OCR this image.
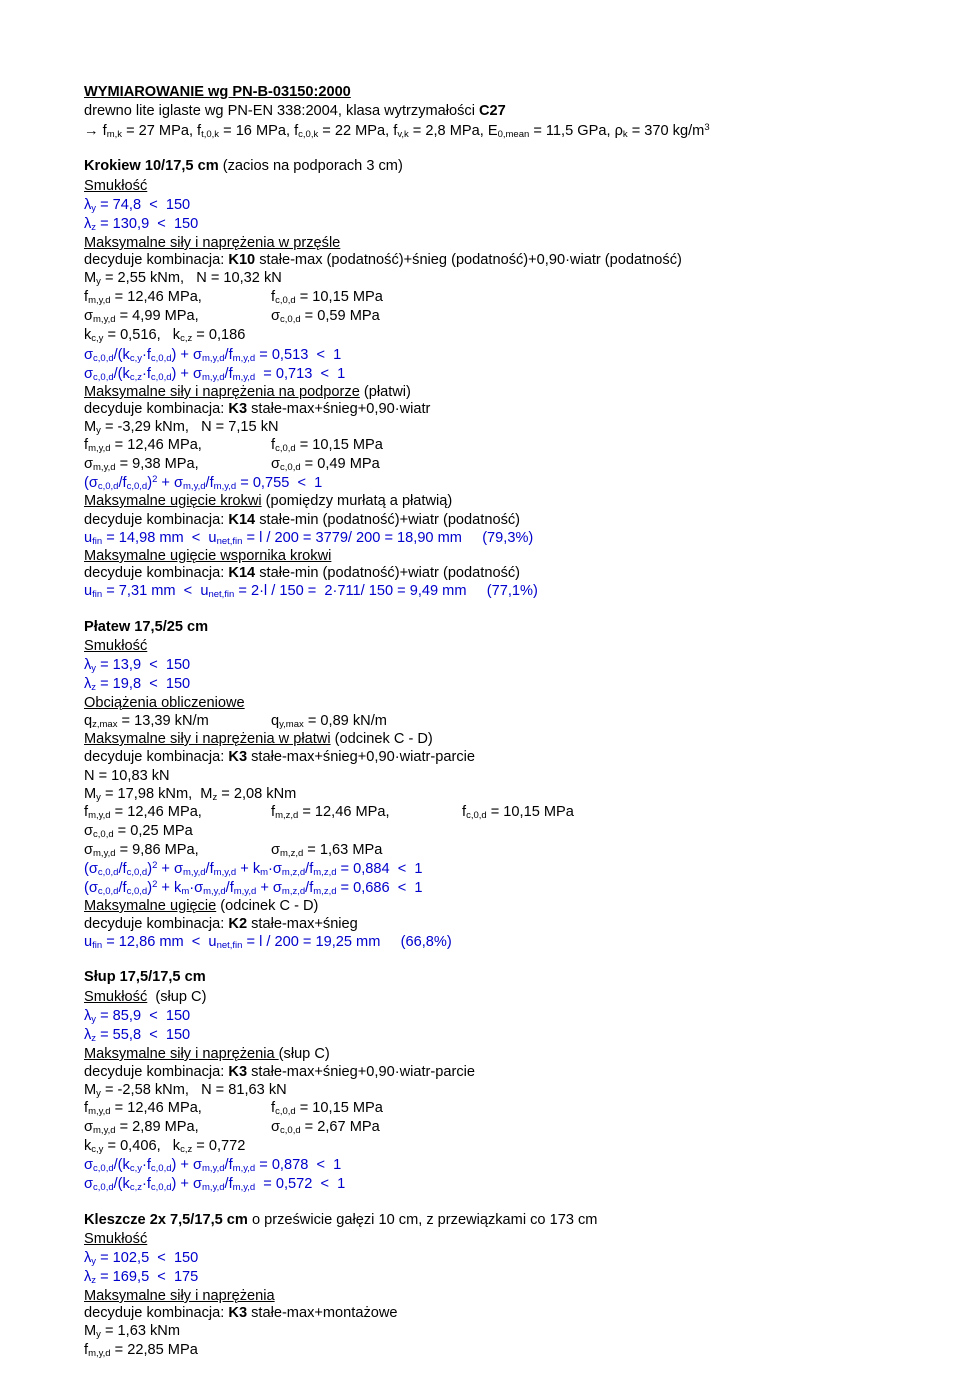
WYMIAROWANIE wg PN-B-03150:2000
drewno lite iglaste wg PN-EN 338:2004, klasa wytrzymałości C27
→ $f_{m,k} = 27$ MPa, $f_{t,0,k} = 16$ MPa, $f_{c,0,k} = 22$ MPa, $f_{v,k} = 2,8$ MPa, $E_{0,mean} = 11,5$ GPa, $\rho_k = 370$ $kg/m^3$
Krokiew 10/17,5 cm (zacios na podporach 3 cm)
Smukłość
$\lambda_y = 74,8 < 150$
$\lambda_z = 130,9 < 150$
Maksymalne siły i naprężenia w przęśle
decyduje kombinacja: K10 stałe-max (podatność)+śnieg (podatność)+0,90·wiatr (podatność)
$M_y = 2,55$ kNm,   N = 10,32 kN
$f_{m,y,d} = 12,46$ MPa,	$f_{c,0,d} = 10,15$ MPa
$\sigma_{m,y,d} = 4,99$ MPa,	$\sigma_{c,0,d} = 0,59$ MPa
$k_{c,y} = 0,516$,   $k_{c,z} = 0,186$
$\sigma_{c,0,d}/(k_{c,y}\cdot f_{c,0,d}) + \sigma_{m,y,d}/f_{m,y,d} = 0,513 < 1$
$\sigma_{c,0,d}/(k_{c,z}\cdot f_{c,0,d}) + \sigma_{m,y,d}/f_{m,y,d} = 0,713 < 1$
Maksymalne siły i naprężenia na podporze (płatwi)
decyduje kombinacja: K3 stałe-max+śnieg+0,90·wiatr
$M_y = -3,29$ kNm,   N = 7,15 kN
$f_{m,y,d} = 12,46$ MPa,	$f_{c,0,d} = 10,15$ MPa
$\sigma_{m,y,d} = 9,38$ MPa,	$\sigma_{c,0,d} = 0,49$ MPa
$(\sigma_{c,0,d}/f_{c,0,d})^2 + \sigma_{m,y,d}/f_{m,y,d} = 0,755 < 1$
Maksymalne ugięcie krokwi (pomiędzy murłatą a płatwią)
decyduje kombinacja: K14 stałe-min (podatność)+wiatr (podatność)
$u_{fin} = 14,98$ mm  <  $u_{net,fin} = l / 200 = 3779/$ 200 = 18,90 mm     (79,3%)
Maksymalne ugięcie wspornika krokwi
decyduje kombinacja: K14 stałe-min (podatność)+wiatr (podatność)
$u_{fin} = 7,31$ mm  <  $u_{net,fin} = 2\cdot l / 150 = 2\cdot 711/$ 150 = 9,49 mm     (77,1%)
Płatew 17,5/25 cm
Smukłość
$\lambda_y = 13,9 < 150$
$\lambda_z = 19,8 < 150$
Obciążenia obliczeniowe
$q_{z,max} = 13,39$ kN/m	$q_{y,max} = 0,89$ kN/m
Maksymalne siły i naprężenia w płatwi (odcinek C - D)
decyduje kombinacja: K3 stałe-max+śnieg+0,90·wiatr-parcie
N = 10,83 kN
$M_y = 17,98$ kNm,  $M_z = 2,08$ kNm
$f_{m,y,d} = 12,46$ MPa,	$f_{m,z,d} = 12,46$ MPa,	$f_{c,0,d} = 10,15$ MPa
$\sigma_{c,0,d} = 0,25$ MPa
$\sigma_{m,y,d} = 9,86$ MPa,	$\sigma_{m,z,d} = 1,63$ MPa
$(\sigma_{c,0,d}/f_{c,0,d})^2 + \sigma_{m,y,d}/f_{m,y,d} + k_m\cdot\sigma_{m,z,d}/f_{m,z,d} = 0,884 < 1$
$(\sigma_{c,0,d}/f_{c,0,d})^2 + k_m\cdot\sigma_{m,y,d}/f_{m,y,d} + \sigma_{m,z,d}/f_{m,z,d} = 0,686 < 1$
Maksymalne ugięcie (odcinek C - D)
decyduje kombinacja: K2 stałe-max+śnieg
$u_{fin} = 12,86$ mm  <  $u_{net,fin} = l / 200 = 19,25$ mm     (66,8%)
Słup 17,5/17,5 cm
Smukłość  (słup C)
$\lambda_y = 85,9 < 150$
$\lambda_z = 55,8 < 150$
Maksymalne siły i naprężenia (słup C)
decyduje kombinacja: K3 stałe-max+śnieg+0,90·wiatr-parcie
$M_y = -2,58$ kNm,   N = 81,63 kN
$f_{m,y,d} = 12,46$ MPa,	$f_{c,0,d} = 10,15$ MPa
$\sigma_{m,y,d} = 2,89$ MPa,	$\sigma_{c,0,d} = 2,67$ MPa
$k_{c,y} = 0,406$,   $k_{c,z} = 0,772$
$\sigma_{c,0,d}/(k_{c,y}\cdot f_{c,0,d}) + \sigma_{m,y,d}/f_{m,y,d} = 0,878 < 1$
$\sigma_{c,0,d}/(k_{c,z}\cdot f_{c,0,d}) + \sigma_{m,y,d}/f_{m,y,d} = 0,572 < 1$
Kleszcze 2x 7,5/17,5 cm o prześwicie gałęzi 10 cm, z przewiązkami co 173 cm
Smukłość
$\lambda_y = 102,5 < 150$
$\lambda_z = 169,5 < 175$
Maksymalne siły i naprężenia
decyduje kombinacja: K3 stałe-max+montażowe
$M_y = 1,63$ kNm
$f_{m,y,d} = 22,85$ MPa
